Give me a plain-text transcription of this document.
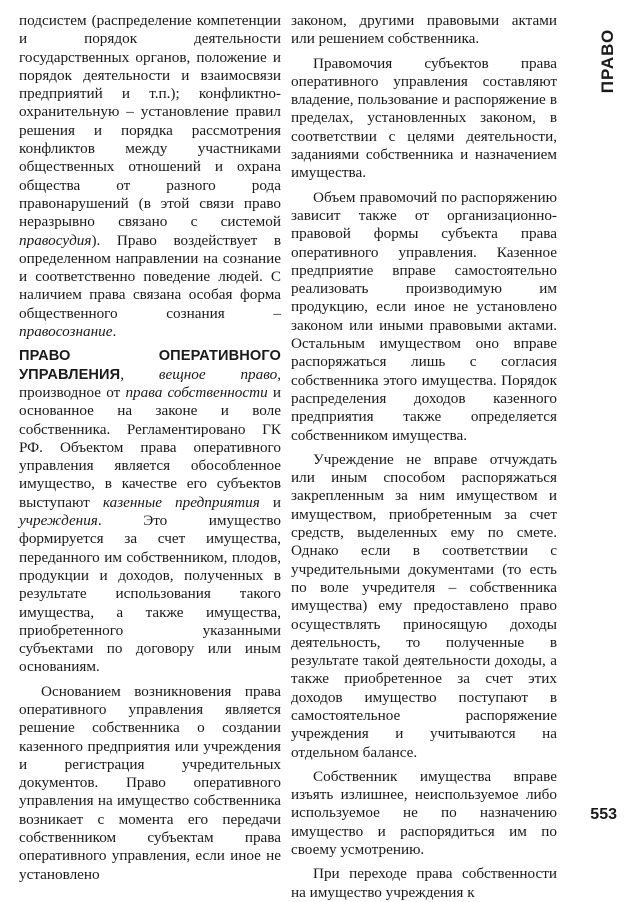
подсистем (распределение компетенции и порядок деятельности государственных органов, положение и порядок деятельности и взаимосвязи предприятий и т.п.); конфликтно-охранительную – установление правил решения и порядка рассмотрения конфликтов между участниками общественных отношений и охрана общества от разного рода правонарушений (в этой связи право неразрывно связано с системой правосудия). Право воздействует в определенном направлении на сознание и соответственно поведение людей. С наличием права связана особая форма общественного сознания – правосознание.

ПРАВО ОПЕРАТИВНОГО УПРАВЛЕНИЯ, вещное право, производное от права собственности и основанное на законе и воле собственника. Регламентировано ГК РФ. Объектом права оперативного управления является обособленное имущество, в качестве его субъектов выступают казенные предприятия и учреждения. Это имущество формируется за счет имущества, переданного им собственником, плодов, продукции и доходов, полученных в результате использования такого имущества, а также имущества, приобретенного указанными субъектами по договору или иным основаниям.

Основанием возникновения права оперативного управления является решение собственника о создании казенного предприятия или учреждения и регистрация учредительных документов. Право оперативного управления на имущество собственника возникает с момента его передачи собственником субъектам права оперативного управления, если иное не установлено

законом, другими правовыми актами или решением собственника.

Правомочия субъектов права оперативного управления составляют владение, пользование и распоряжение в пределах, установленных законом, в соответствии с целями деятельности, заданиями собственника и назначением имущества.

Объем правомочий по распоряжению зависит также от организационно-правовой формы субъекта права оперативного управления. Казенное предприятие вправе самостоятельно реализовать производимую им продукцию, если иное не установлено законом или иными правовыми актами. Остальным имуществом оно вправе распоряжаться лишь с согласия собственника этого имущества. Порядок распределения доходов казенного предприятия также определяется собственником имущества.

Учреждение не вправе отчуждать или иным способом распоряжаться закрепленным за ним имуществом и имуществом, приобретенным за счет средств, выделенных ему по смете. Однако если в соответствии с учредительными документами (то есть по воле учредителя – собственника имущества) ему предоставлено право осуществлять приносящую доходы деятельность, то полученные в результате такой деятельности доходы, а также приобретенное за счет этих доходов имущество поступают в самостоятельное распоряжение учреждения и учитываются на отдельном балансе.

Собственник имущества вправе изъять излишнее, неиспользуемое либо используемое не по назначению имущество и распорядиться им по своему усмотрению.

При переходе права собственности на имущество учреждения к

ПРАВО
553
